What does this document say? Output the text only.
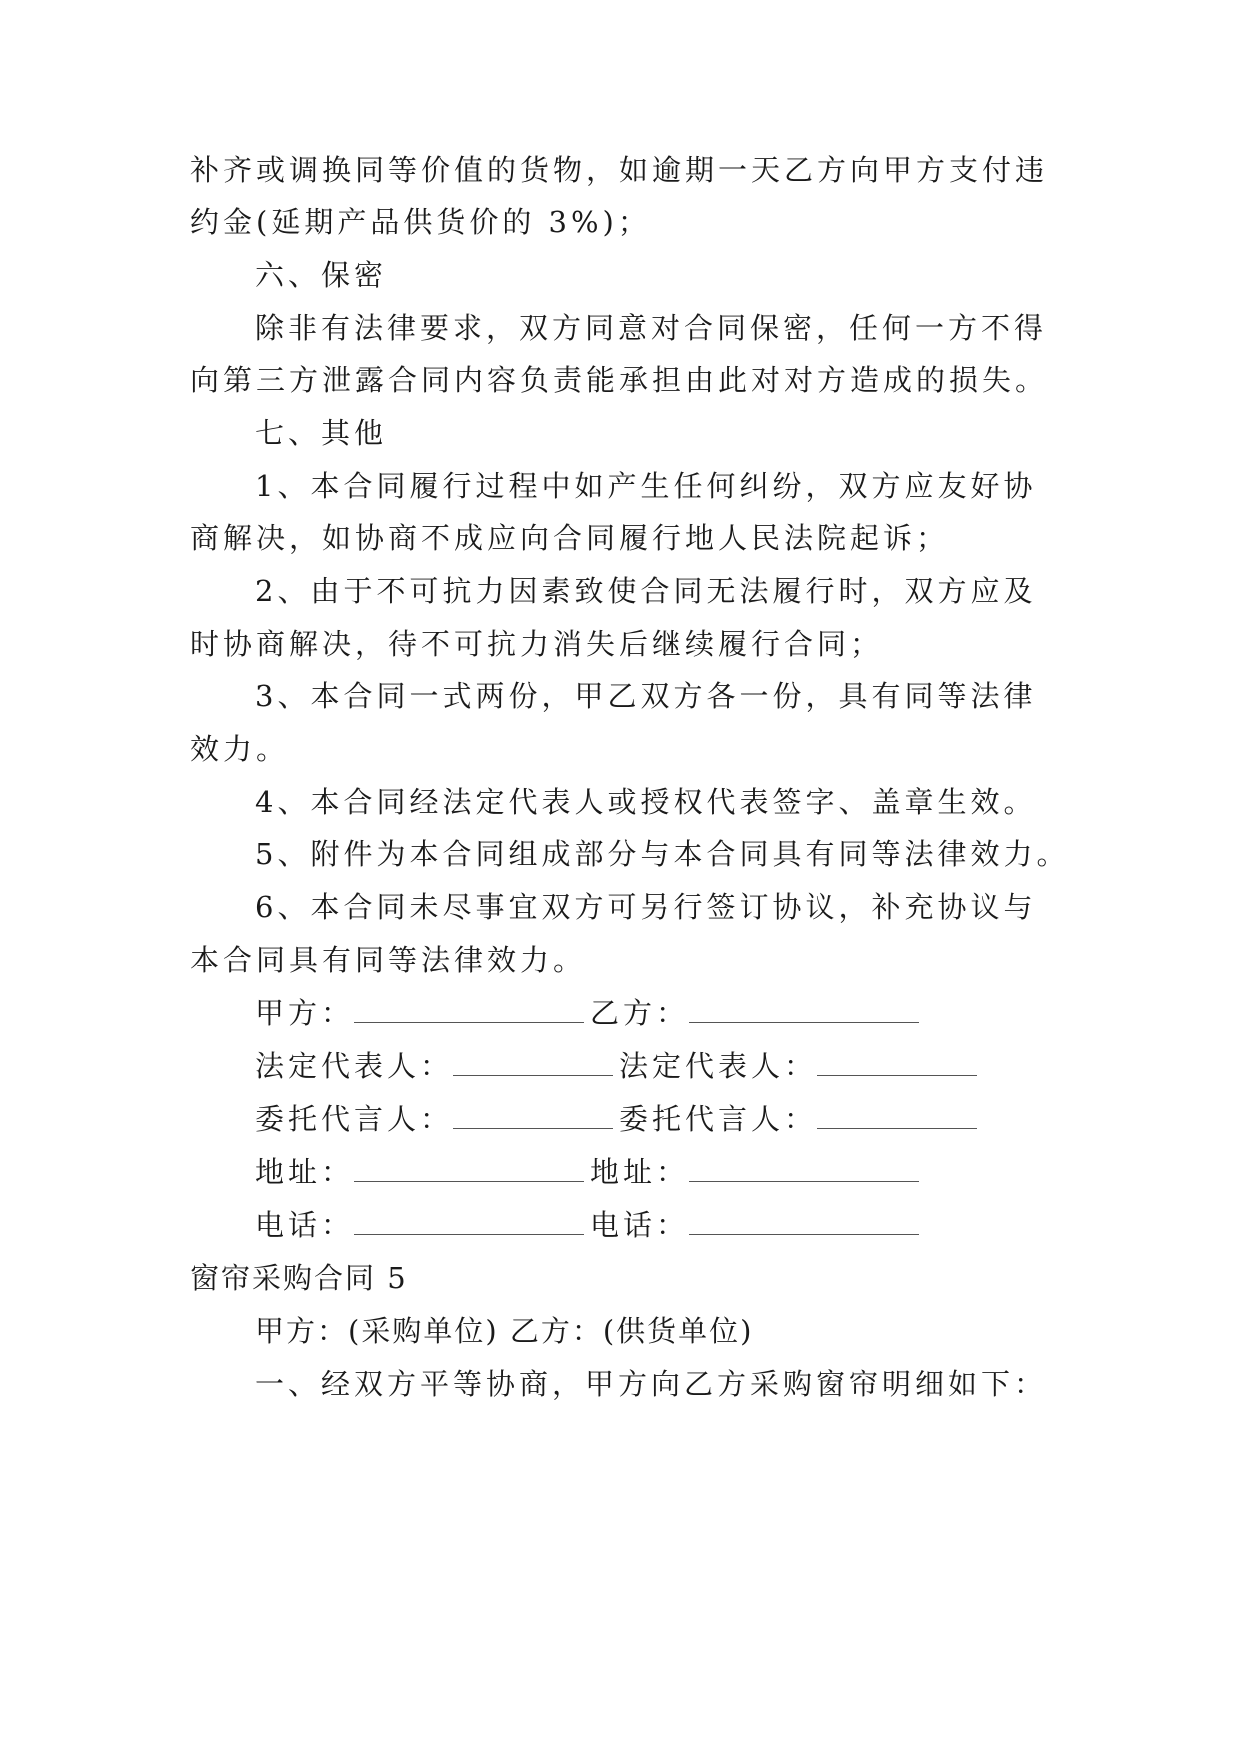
补齐或调换同等价值的货物，如逾期一天乙方向甲方支付违
约金(延期产品供货价的 3%)；
六、保密
除非有法律要求，双方同意对合同保密，任何一方不得
向第三方泄露合同内容负责能承担由此对对方造成的损失。
七、其他
1、本合同履行过程中如产生任何纠纷，双方应友好协
商解决，如协商不成应向合同履行地人民法院起诉；
2、由于不可抗力因素致使合同无法履行时，双方应及
时协商解决，待不可抗力消失后继续履行合同；
3、本合同一式两份，甲乙双方各一份，具有同等法律
效力。
4、本合同经法定代表人或授权代表签字、盖章生效。
5、附件为本合同组成部分与本合同具有同等法律效力。
6、本合同未尽事宜双方可另行签订协议，补充协议与
本合同具有同等法律效力。
甲方：	乙方：
法定代表人：	法定代表人：
委托代言人：	委托代言人：
地址：	地址：
电话：	电话：
窗帘采购合同 5
甲方：(采购单位) 乙方：(供货单位)
一、经双方平等协商，甲方向乙方采购窗帘明细如下：
